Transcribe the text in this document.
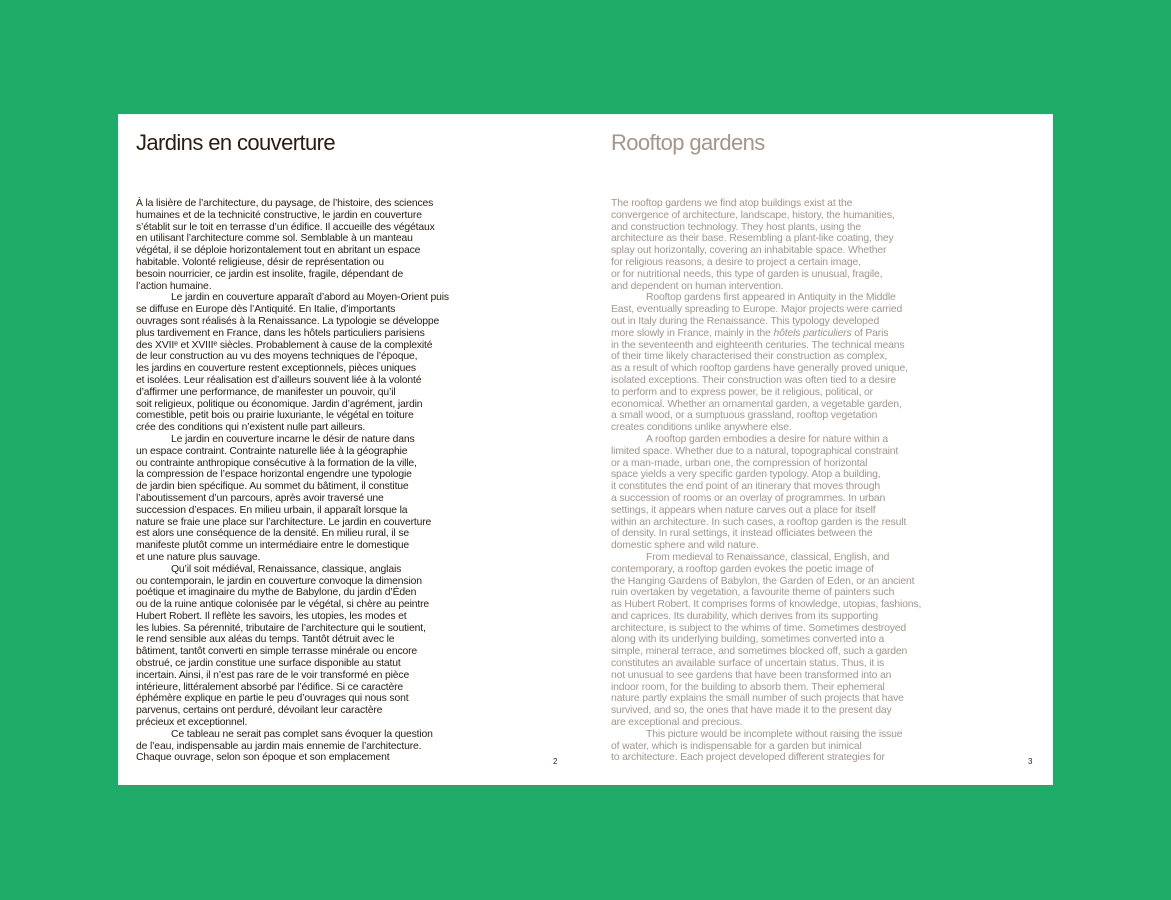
Jardins en couverture
À la lisière de l’architecture, du paysage, de l’histoire, des sciences
humaines et de la technicité constructive, le jardin en couverture
s’établit sur le toit en terrasse d’un édifice. Il accueille des végétaux
en utilisant l’architecture comme sol. Semblable à un manteau
végétal, il se déploie horizontalement tout en abritant un espace
habitable. Volonté religieuse, désir de représentation ou
besoin nourricier, ce jardin est insolite, fragile, dépendant de
l’action humaine.
Le jardin en couverture apparaît d’abord au Moyen-Orient puis
se diffuse en Europe dès l’Antiquité. En Italie, d’importants
ouvrages sont réalisés à la Renaissance. La typologie se développe
plus tardivement en France, dans les hôtels particuliers parisiens
des XVIIᵉ et XVIIIᵉ siècles. Probablement à cause de la complexité
de leur construction au vu des moyens techniques de l’époque,
les jardins en couverture restent exceptionnels, pièces uniques
et isolées. Leur réalisation est d’ailleurs souvent liée à la volonté
d’affirmer une performance, de manifester un pouvoir, qu’il
soit religieux, politique ou économique. Jardin d’agrément, jardin
comestible, petit bois ou prairie luxuriante, le végétal en toiture
crée des conditions qui n’existent nulle part ailleurs.
Le jardin en couverture incarne le désir de nature dans
un espace contraint. Contrainte naturelle liée à la géographie
ou contrainte anthropique consécutive à la formation de la ville,
la compression de l’espace horizontal engendre une typologie
de jardin bien spécifique. Au sommet du bâtiment, il constitue
l’aboutissement d’un parcours, après avoir traversé une
succession d’espaces. En milieu urbain, il apparaît lorsque la
nature se fraie une place sur l’architecture. Le jardin en couverture
est alors une conséquence de la densité. En milieu rural, il se
manifeste plutôt comme un intermédiaire entre le domestique
et une nature plus sauvage.
Qu’il soit médiéval, Renaissance, classique, anglais
ou contemporain, le jardin en couverture convoque la dimension
poétique et imaginaire du mythe de Babylone, du jardin d’Éden
ou de la ruine antique colonisée par le végétal, si chère au peintre
Hubert Robert. Il reflète les savoirs, les utopies, les modes et
les lubies. Sa pérennité, tributaire de l’architecture qui le soutient,
le rend sensible aux aléas du temps. Tantôt détruit avec le
bâtiment, tantôt converti en simple terrasse minérale ou encore
obstrué, ce jardin constitue une surface disponible au statut
incertain. Ainsi, il n’est pas rare de le voir transformé en pièce
intérieure, littéralement absorbé par l’édifice. Si ce caractère
éphémère explique en partie le peu d’ouvrages qui nous sont
parvenus, certains ont perduré, dévoilant leur caractère
précieux et exceptionnel.
Ce tableau ne serait pas complet sans évoquer la question
de l’eau, indispensable au jardin mais ennemie de l’architecture.
Chaque ouvrage, selon son époque et son emplacement	2
Rooftop gardens
The rooftop gardens we find atop buildings exist at the
convergence of architecture, landscape, history, the humanities,
and construction technology. They host plants, using the
architecture as their base. Resembling a plant-like coating, they
splay out horizontally, covering an inhabitable space. Whether
for religious reasons, a desire to project a certain image,
or for nutritional needs, this type of garden is unusual, fragile,
and dependent on human intervention.
Rooftop gardens first appeared in Antiquity in the Middle
East, eventually spreading to Europe. Major projects were carried
out in Italy during the Renaissance. This typology developed
more slowly in France, mainly in the hôtels particuliers of Paris
in the seventeenth and eighteenth centuries. The technical means
of their time likely characterised their construction as complex,
as a result of which rooftop gardens have generally proved unique,
isolated exceptions. Their construction was often tied to a desire
to perform and to express power, be it religious, political, or
economical. Whether an ornamental garden, a vegetable garden,
a small wood, or a sumptuous grassland, rooftop vegetation
creates conditions unlike anywhere else.
A rooftop garden embodies a desire for nature within a
limited space. Whether due to a natural, topographical constraint
or a man-made, urban one, the compression of horizontal
space yields a very specific garden typology. Atop a building,
it constitutes the end point of an itinerary that moves through
a succession of rooms or an overlay of programmes. In urban
settings, it appears when nature carves out a place for itself
within an architecture. In such cases, a rooftop garden is the result
of density. In rural settings, it instead officiates between the
domestic sphere and wild nature.
From medieval to Renaissance, classical, English, and
contemporary, a rooftop garden evokes the poetic image of
the Hanging Gardens of Babylon, the Garden of Eden, or an ancient
ruin overtaken by vegetation, a favourite theme of painters such
as Hubert Robert. It comprises forms of knowledge, utopias, fashions,
and caprices. Its durability, which derives from its supporting
architecture, is subject to the whims of time. Sometimes destroyed
along with its underlying building, sometimes converted into a
simple, mineral terrace, and sometimes blocked off, such a garden
constitutes an available surface of uncertain status. Thus, it is
not unusual to see gardens that have been transformed into an
indoor room, for the building to absorb them. Their ephemeral
nature partly explains the small number of such projects that have
survived, and so, the ones that have made it to the present day
are exceptional and precious.
This picture would be incomplete without raising the issue
of water, which is indispensable for a garden but inimical
to architecture. Each project developed different strategies for	3
